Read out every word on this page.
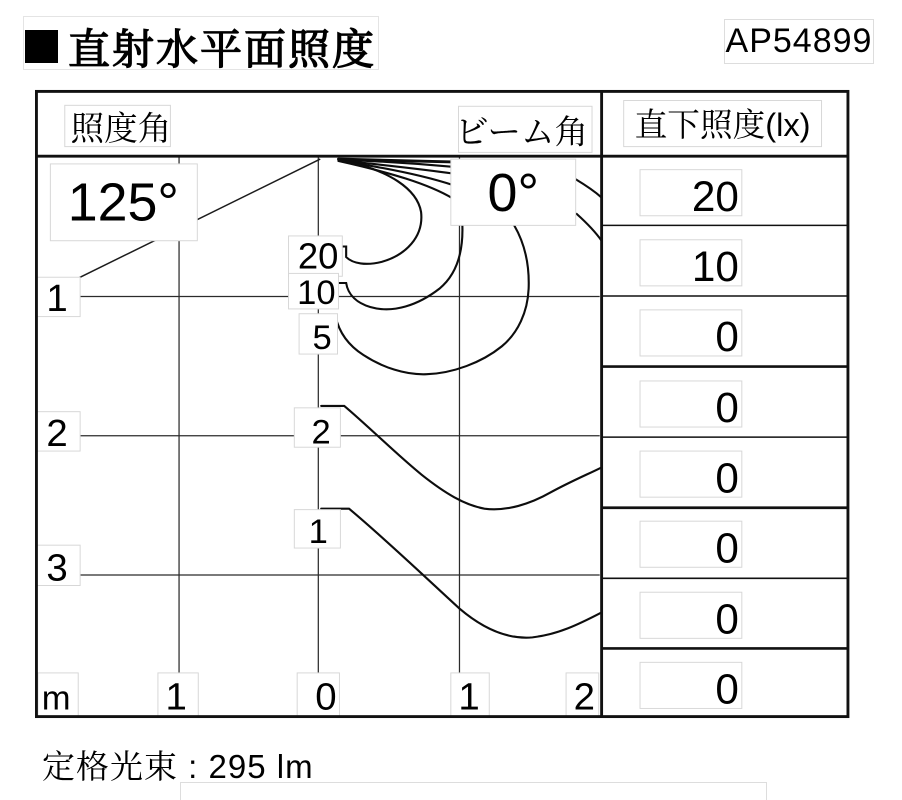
直射水平面照度	AP54899
照度角	ビーム角 直下照度(lx)
125°	0°
20
10
5
2
1
1
2
3
m 1	0	1 2
20
10
0
0
0
0
0
0
定格光束 : 295 lm
